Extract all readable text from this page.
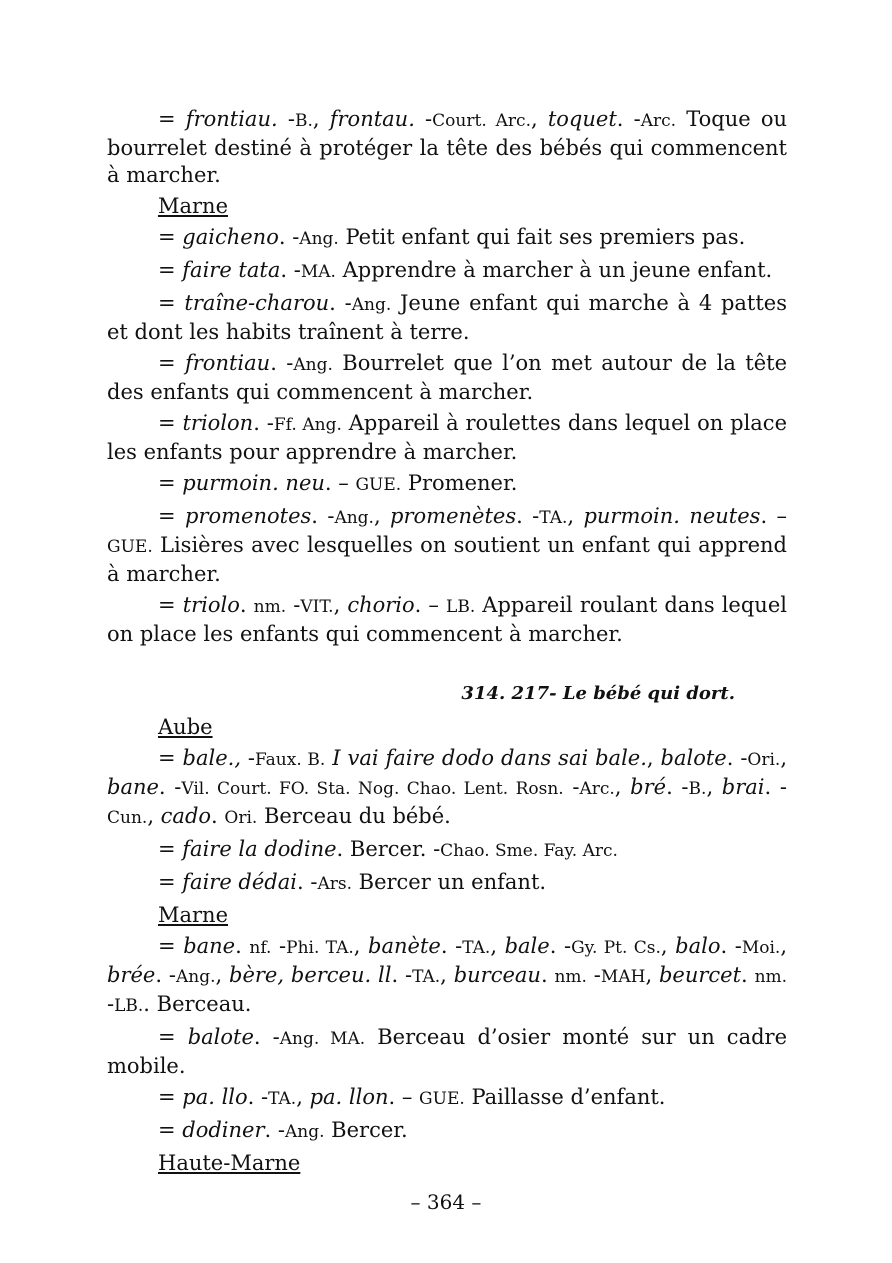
= frontiau. -B., frontau. -Court. Arc., toquet. -Arc. Toque ou bourrelet destiné à protéger la tête des bébés qui commencent à marcher.

Marne

= gaicheno. -Ang. Petit enfant qui fait ses premiers pas.

= faire tata. -MA. Apprendre à marcher à un jeune enfant.

= traîne-charou. -Ang. Jeune enfant qui marche à 4 pattes et dont les habits traînent à terre.

= frontiau. -Ang. Bourrelet que l’on met autour de la tête des enfants qui commencent à marcher.

= triolon. -Ff. Ang. Appareil à roulettes dans lequel on place les enfants pour apprendre à marcher.

= purmoin. neu. – GUE. Promener.

= promenotes. -Ang., promenètes. -TA., purmoin. neutes. – GUE. Lisières avec lesquelles on soutient un enfant qui apprend à marcher.

= triolo. nm. -VIT., chorio. – LB. Appareil roulant dans lequel on place les enfants qui commencent à marcher.

314. 217- Le bébé qui dort.

Aube

= bale., -Faux. B. I vai faire dodo dans sai bale., balote. -Ori., bane. -Vil. Court. FO. Sta. Nog. Chao. Lent. Rosn. -Arc., bré. -B., brai. -Cun., cado. Ori. Berceau du bébé.

= faire la dodine. Bercer. -Chao. Sme. Fay. Arc.

= faire dédai. -Ars. Bercer un enfant.

Marne

= bane. nf. -Phi. TA., banète. -TA., bale. -Gy. Pt. Cs., balo. -Moi., brée. -Ang., bère, berceu. ll. -TA., burceau. nm. -MAH, beurcet. nm. -LB.. Berceau.

= balote. -Ang. MA. Berceau d’osier monté sur un cadre mobile.

= pa. llo. -TA., pa. llon. – GUE. Paillasse d’enfant.

= dodiner. -Ang. Bercer.

Haute-Marne

– 364 –
